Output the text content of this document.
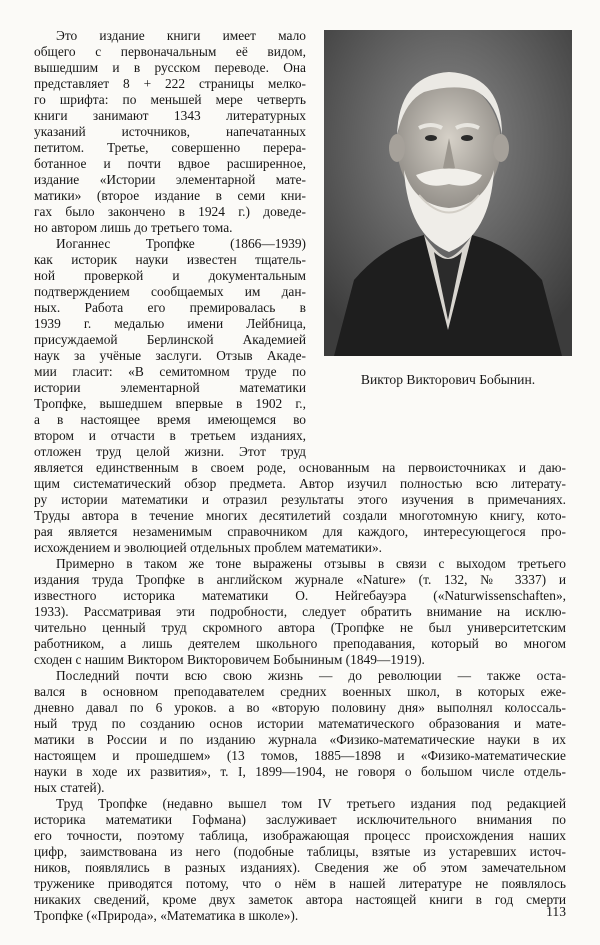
Виктор Викторович Бобынин.
Это издание книги имеет мало
общего с первоначальным её видом,
вышедшим и в русском переводе. Она
представляет 8 + 222 страницы мелко-
го шрифта: по меньшей мере четверть
книги занимают 1343 литературных
указаний источников, напечатанных
петитом. Третье, совершенно перера-
ботанное и почти вдвое расширенное,
издание «Истории элементарной мате-
матики» (второе издание в семи кни-
гах было закончено в 1924 г.) доведе-
но автором лишь до третьего тома.
Иоганнес Тропфке (1866—1939)
как историк науки известен тщатель-
ной проверкой и документальным
подтверждением сообщаемых им дан-
ных. Работа его премировалась в
1939 г. медалью имени Лейбница,
присуждаемой Берлинской Академией
наук за учёные заслуги. Отзыв Акаде-
мии гласит: «В семитомном труде по
истории элементарной математики
Тропфке, вышедшем впервые в 1902 г.,
а в настоящее время имеющемся во
втором и отчасти в третьем изданиях,
отложен труд целой жизни. Этот труд
является единственным в своем роде, основанным на первоисточниках и даю-
щим систематический обзор предмета. Автор изучил полностью всю литерату-
ру истории математики и отразил результаты этого изучения в примечаниях.
Труды автора в течение многих десятилетий создали многотомную книгу, кото-
рая является незаменимым справочником для каждого, интересующегося про-
исхождением и эволюцией отдельных проблем математики».
Примерно в таком же тоне выражены отзывы в связи с выходом третьего
издания труда Тропфке в английском журнале «Nature» (т. 132, № 3337) и
известного историка математики О. Нейгебауэра («Naturwissenschaften»,
1933). Рассматривая эти подробности, следует обратить внимание на исклю-
чительно ценный труд скромного автора (Тропфке не был университетским
работником, а лишь деятелем школьного преподавания, который во многом
сходен с нашим Виктором Викторовичем Бобыниным (1849—1919).
Последний почти всю свою жизнь — до революции — также оста-
вался в основном преподавателем средних военных школ, в которых еже-
дневно давал по 6 уроков. а во «вторую половину дня» выполнял колоссаль-
ный труд по созданию основ истории математического образования и мате-
матики в России и по изданию журнала «Физико-математические науки в их
настоящем и прошедшем» (13 томов, 1885—1898 и «Физико-математические
науки в ходе их развития», т. I, 1899—1904, не говоря о большом числе отдель-
ных статей).
Труд Тропфке (недавно вышел том IV третьего издания под редакцией
историка математики Гофмана) заслуживает исключительного внимания по
его точности, поэтому таблица, изображающая процесс происхождения наших
цифр, заимствована из него (подобные таблицы, взятые из устаревших источ-
ников, появлялись в разных изданиях). Сведения же об этом замечательном
труженике приводятся потому, что о нём в нашей литературе не появлялось
никаких сведений, кроме двух заметок автора настоящей книги в год смерти
Тропфке («Природа», «Математика в школе»).	113
